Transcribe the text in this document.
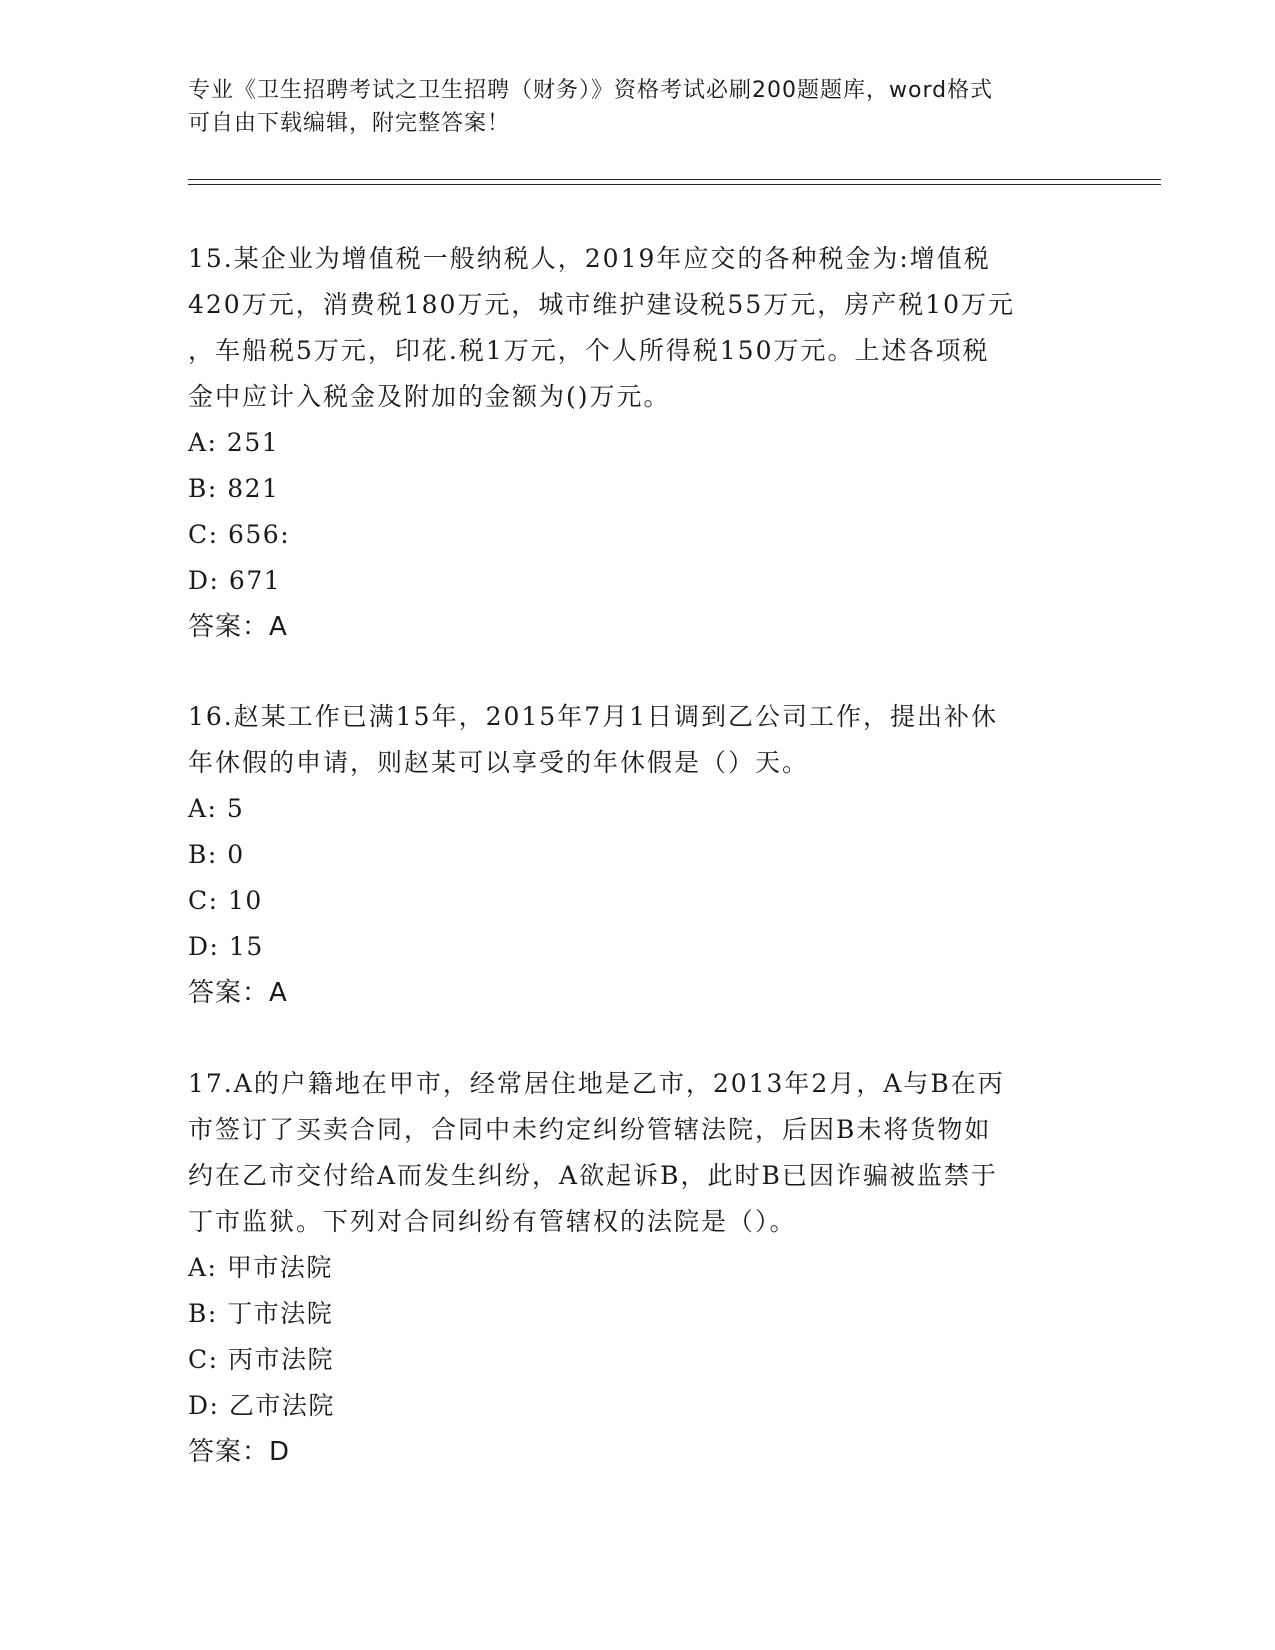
专业《卫生招聘考试之卫生招聘（财务）》资格考试必刷200题题库，word格式
可自由下载编辑，附完整答案！

15.某企业为增值税一般纳税人，2019年应交的各种税金为:增值税

420万元，消费税180万元，城市维护建设税55万元，房产税10万元

，车船税5万元，印花.税1万元，个人所得税150万元。上述各项税

金中应计入税金及附加的金额为()万元。

A: 251

B: 821

C: 656:

D: 671

答案：A

16.赵某工作已满15年，2015年7月1日调到乙公司工作，提出补休

年休假的申请，则赵某可以享受的年休假是（）天。

A: 5

B: 0

C: 10

D: 15

答案：A

17.A的户籍地在甲市，经常居住地是乙市，2013年2月，A与B在丙

市签订了买卖合同，合同中未约定纠纷管辖法院，后因B未将货物如

约在乙市交付给A而发生纠纷，A欲起诉B，此时B已因诈骗被监禁于

丁市监狱。下列对合同纠纷有管辖权的法院是（）。

A: 甲市法院

B: 丁市法院

C: 丙市法院

D: 乙市法院

答案：D
